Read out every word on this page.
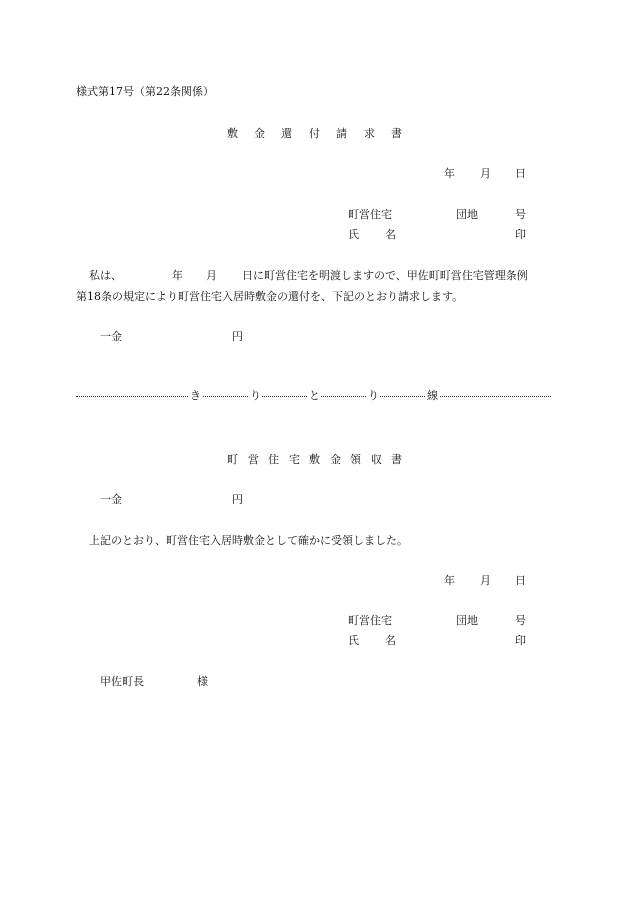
様式第17号（第22条関係）
敷 金 還 付 請 求 書
年 月 日
町営住宅	団地	号
氏 名	印
私は、	年 月 日に町営住宅を明渡しますので、甲佐町町営住宅管理条例
第18条の規定により町営住宅入居時敷金の還付を、下記のとおり請求します。
一金	円
き	り	と	り	線
町 営 住 宅 敷 金 領 収 書
一金	円
上記のとおり、町営住宅入居時敷金として確かに受領しました。
年 月 日
町営住宅	団地	号
氏 名	印
甲佐町長	様
